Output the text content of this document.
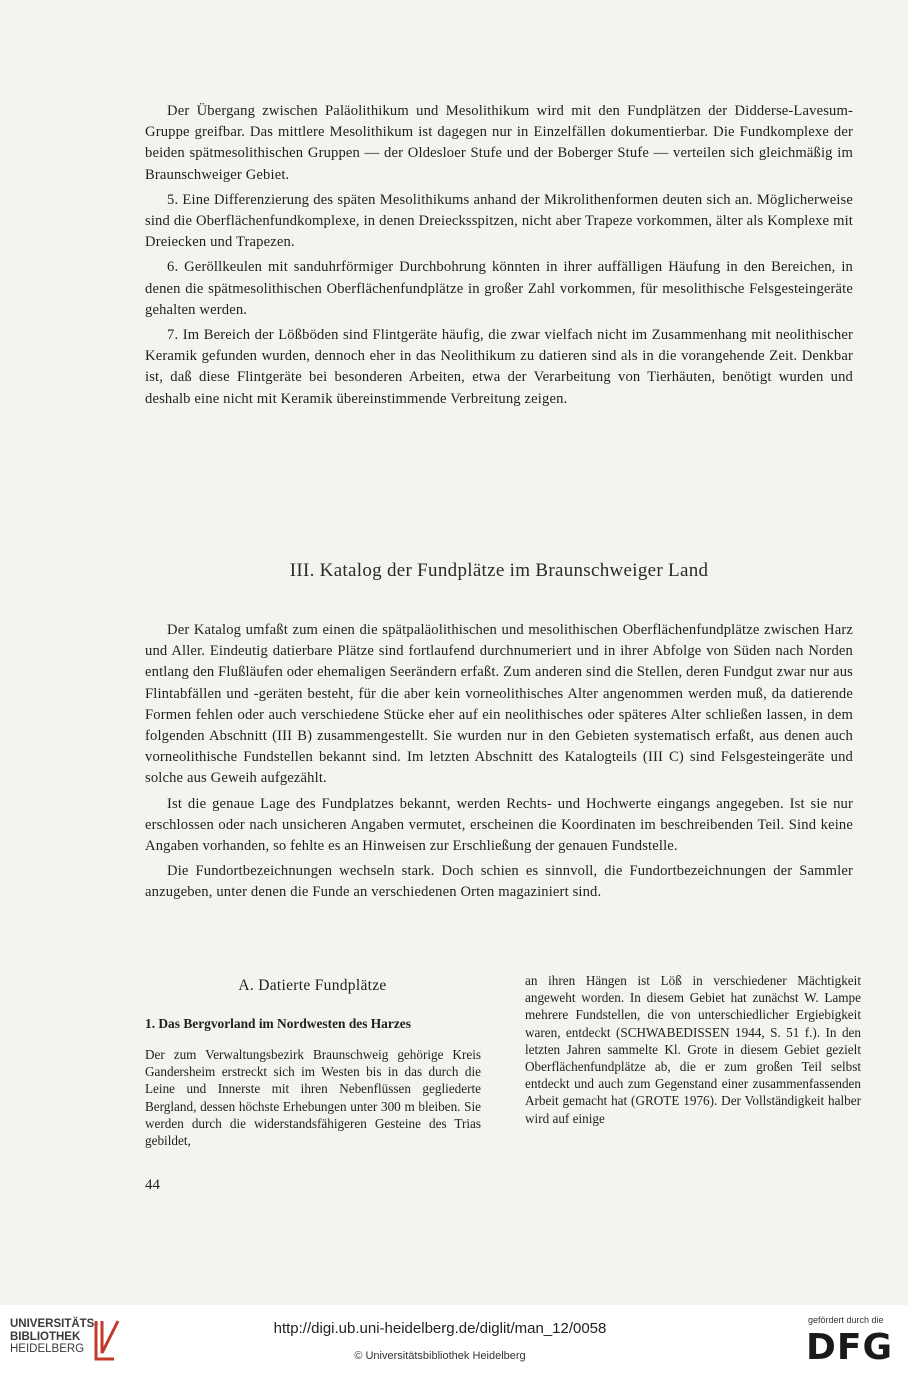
Der Übergang zwischen Paläolithikum und Mesolithikum wird mit den Fundplätzen der Didderse-Lavesum-Gruppe greifbar. Das mittlere Mesolithikum ist dagegen nur in Einzelfällen dokumentierbar. Die Fundkomplexe der beiden spätmesolithischen Gruppen — der Oldesloer Stufe und der Boberger Stufe — verteilen sich gleichmäßig im Braunschweiger Gebiet.

5. Eine Differenzierung des späten Mesolithikums anhand der Mikrolithenformen deuten sich an. Möglicherweise sind die Oberflächenfundkomplexe, in denen Dreiecksspitzen, nicht aber Trapeze vorkommen, älter als Komplexe mit Dreiecken und Trapezen.

6. Geröllkeulen mit sanduhrförmiger Durchbohrung könnten in ihrer auffälligen Häufung in den Bereichen, in denen die spätmesolithischen Oberflächenfundplätze in großer Zahl vorkommen, für mesolithische Felsgesteingeräte gehalten werden.

7. Im Bereich der Lößböden sind Flintgeräte häufig, die zwar vielfach nicht im Zusammenhang mit neolithischer Keramik gefunden wurden, dennoch eher in das Neolithikum zu datieren sind als in die vorangehende Zeit. Denkbar ist, daß diese Flintgeräte bei besonderen Arbeiten, etwa der Verarbeitung von Tierhäuten, benötigt wurden und deshalb eine nicht mit Keramik übereinstimmende Verbreitung zeigen.

III. Katalog der Fundplätze im Braunschweiger Land

Der Katalog umfaßt zum einen die spätpaläolithischen und mesolithischen Oberflächenfundplätze zwischen Harz und Aller. Eindeutig datierbare Plätze sind fortlaufend durchnumeriert und in ihrer Abfolge von Süden nach Norden entlang den Flußläufen oder ehemaligen Seerändern erfaßt. Zum anderen sind die Stellen, deren Fundgut zwar nur aus Flintabfällen und -geräten besteht, für die aber kein vorneolithisches Alter angenommen werden muß, da datierende Formen fehlen oder auch verschiedene Stücke eher auf ein neolithisches oder späteres Alter schließen lassen, in dem folgenden Abschnitt (III B) zusammengestellt. Sie wurden nur in den Gebieten systematisch erfaßt, aus denen auch vorneolithische Fundstellen bekannt sind. Im letzten Abschnitt des Katalogteils (III C) sind Felsgesteingeräte und solche aus Geweih aufgezählt.

Ist die genaue Lage des Fundplatzes bekannt, werden Rechts- und Hochwerte eingangs angegeben. Ist sie nur erschlossen oder nach unsicheren Angaben vermutet, erscheinen die Koordinaten im beschreibenden Teil. Sind keine Angaben vorhanden, so fehlte es an Hinweisen zur Erschließung der genauen Fundstelle.

Die Fundortbezeichnungen wechseln stark. Doch schien es sinnvoll, die Fundortbezeichnungen der Sammler anzugeben, unter denen die Funde an verschiedenen Orten magaziniert sind.

A. Datierte Fundplätze
1. Das Bergvorland im Nordwesten des Harzes

Der zum Verwaltungsbezirk Braunschweig gehörige Kreis Gandersheim erstreckt sich im Westen bis in das durch die Leine und Innerste mit ihren Nebenflüssen gegliederte Bergland, dessen höchste Erhebungen unter 300 m bleiben. Sie werden durch die widerstandsfähigeren Gesteine des Trias gebildet,

an ihren Hängen ist Löß in verschiedener Mächtigkeit angeweht worden. In diesem Gebiet hat zunächst W. Lampe mehrere Fundstellen, die von unterschiedlicher Ergiebigkeit waren, entdeckt (SCHWABEDISSEN 1944, S. 51 f.). In den letzten Jahren sammelte Kl. Grote in diesem Gebiet gezielt Oberflächenfundplätze ab, die er zum großen Teil selbst entdeckt und auch zum Gegenstand einer zusammenfassenden Arbeit gemacht hat (GROTE 1976). Der Vollständigkeit halber wird auf einige

44
UNIVERSITÄTS-
BIBLIOTHEK
HEIDELBERG
http://digi.ub.uni-heidelberg.de/diglit/man_12/0058
© Universitätsbibliothek Heidelberg
gefördert durch die
DFG
